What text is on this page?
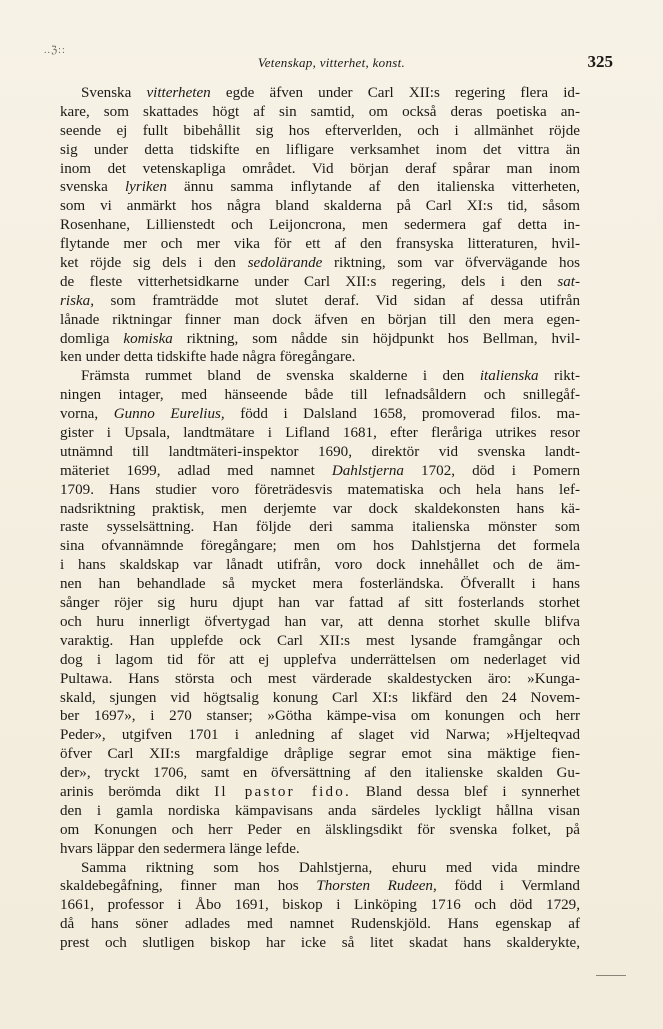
..ℨ::
Vetenskap, vitterhet, konst.	325
Svenska vitterheten egde äfven under Carl XII:s regering flera id-
kare, som skattades högt af sin samtid, om också deras poetiska an-
seende ej fullt bibehållit sig hos efterverlden, och i allmänhet röjde
sig under detta tidskifte en lifligare verksamhet inom det vittra än
inom det vetenskapliga området. Vid början deraf spårar man inom
svenska lyriken ännu samma inflytande af den italienska vitterheten,
som vi anmärkt hos några bland skalderna på Carl XI:s tid, såsom
Rosenhane, Lillienstedt och Leijoncrona, men sedermera gaf detta in-
flytande mer och mer vika för ett af den fransyska litteraturen, hvil-
ket röjde sig dels i den sedolärande riktning, som var öfvervägande hos
de fleste vitterhetsidkarne under Carl XII:s regering, dels i den sat-
riska, som framträdde mot slutet deraf. Vid sidan af dessa utifrån
lånade riktningar finner man dock äfven en början till den mera egen-
domliga komiska riktning, som nådde sin höjdpunkt hos Bellman, hvil-
ken under detta tidskifte hade några föregångare.
Främsta rummet bland de svenska skalderne i den italienska rikt-
ningen intager, med hänseende både till lefnadsåldern och snillegåf-
vorna, Gunno Eurelius, född i Dalsland 1658, promoverad filos. ma-
gister i Upsala, landtmätare i Lifland 1681, efter fleråriga utrikes resor
utnämnd till landtmäteri-inspektor 1690, direktör vid svenska landt-
mäteriet 1699, adlad med namnet Dahlstjerna 1702, död i Pomern
1709. Hans studier voro företrädesvis matematiska och hela hans lef-
nadsriktning praktisk, men derjemte var dock skaldekonsten hans kä-
raste sysselsättning. Han följde deri samma italienska mönster som
sina ofvannämnde föregångare; men om hos Dahlstjerna det formela
i hans skaldskap var lånadt utifrån, voro dock innehållet och de äm-
nen han behandlade så mycket mera fosterländska. Öfverallt i hans
sånger röjer sig huru djupt han var fattad af sitt fosterlands storhet
och huru innerligt öfvertygad han var, att denna storhet skulle blifva
varaktig. Han upplefde ock Carl XII:s mest lysande framgångar och
dog i lagom tid för att ej upplefva underrättelsen om nederlaget vid
Pultawa. Hans största och mest värderade skaldestycken äro: »Kunga-
skald, sjungen vid högtsalig konung Carl XI:s likfärd den 24 Novem-
ber 1697», i 270 stanser; »Götha kämpe-visa om konungen och herr
Peder», utgifven 1701 i anledning af slaget vid Narwa; »Hjelteqvad
öfver Carl XII:s margfaldige dråplige segrar emot sina mäktige fien-
der», tryckt 1706, samt en öfversättning af den italienske skalden Gu-
arinis berömda dikt Il pastor fido. Bland dessa blef i synnerhet
den i gamla nordiska kämpavisans anda särdeles lyckligt hållna visan
om Konungen och herr Peder en älsklingsdikt för svenska folket, på
hvars läppar den sedermera länge lefde.
Samma riktning som hos Dahlstjerna, ehuru med vida mindre
skaldebegåfning, finner man hos Thorsten Rudeen, född i Vermland
1661, professor i Åbo 1691, biskop i Linköping 1716 och död 1729,
då hans söner adlades med namnet Rudenskjöld. Hans egenskap af
prest och slutligen biskop har icke så litet skadat hans skalderykte,
